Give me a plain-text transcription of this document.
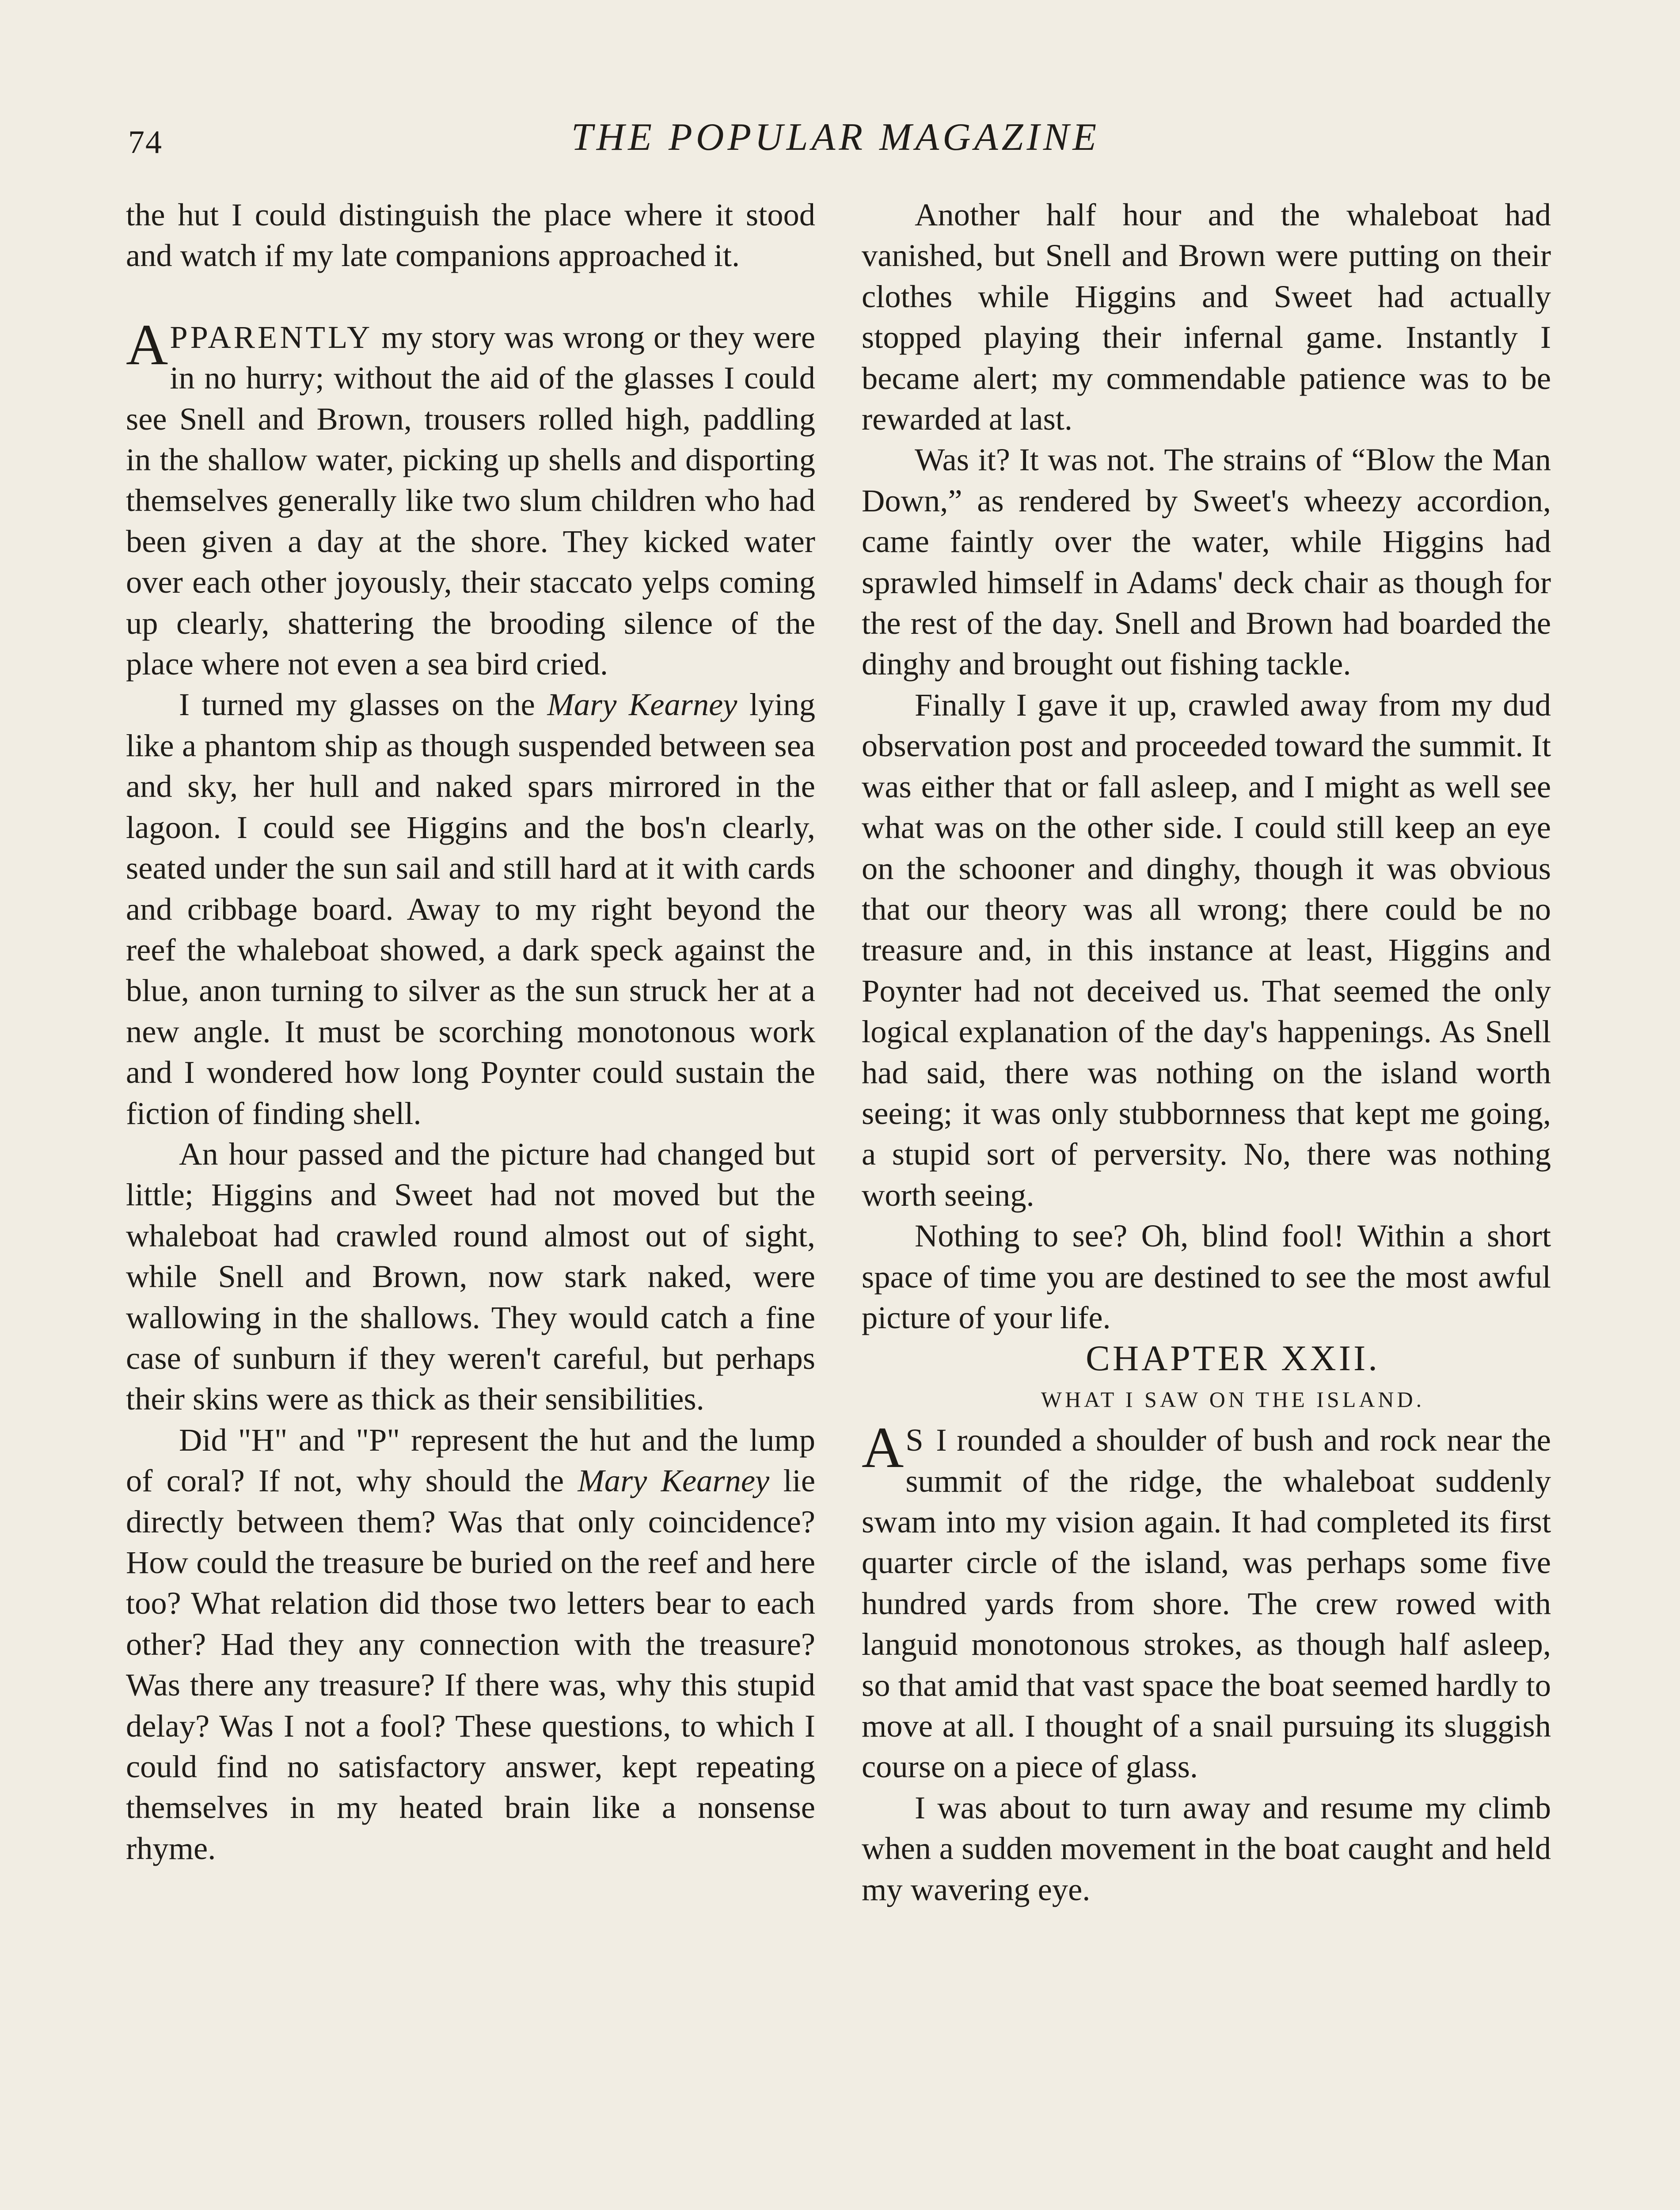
74	THE POPULAR MAGAZINE

the hut I could distinguish the place where it stood and watch if my late companions approached it.

APPARENTLY my story was wrong or they were in no hurry; without the aid of the glasses I could see Snell and Brown, trousers rolled high, paddling in the shallow water, picking up shells and disporting themselves generally like two slum children who had been given a day at the shore. They kicked water over each other joyously, their staccato yelps coming up clearly, shattering the brooding silence of the place where not even a sea bird cried.

I turned my glasses on the Mary Kearney lying like a phantom ship as though suspended between sea and sky, her hull and naked spars mirrored in the lagoon. I could see Higgins and the bos'n clearly, seated under the sun sail and still hard at it with cards and cribbage board. Away to my right beyond the reef the whaleboat showed, a dark speck against the blue, anon turning to silver as the sun struck her at a new angle. It must be scorching monotonous work and I wondered how long Poynter could sustain the fiction of finding shell.

An hour passed and the picture had changed but little; Higgins and Sweet had not moved but the whaleboat had crawled round almost out of sight, while Snell and Brown, now stark naked, were wallowing in the shallows. They would catch a fine case of sunburn if they weren't careful, but perhaps their skins were as thick as their sensibilities.

Did "H" and "P" represent the hut and the lump of coral? If not, why should the Mary Kearney lie directly between them? Was that only coincidence? How could the treasure be buried on the reef and here too? What relation did those two letters bear to each other? Had they any connection with the treasure? Was there any treasure? If there was, why this stupid delay? Was I not a fool? These questions, to which I could find no satisfactory answer, kept repeating themselves in my heated brain like a nonsense rhyme.

Another half hour and the whaleboat had vanished, but Snell and Brown were putting on their clothes while Higgins and Sweet had actually stopped playing their infernal game. Instantly I became alert; my commendable patience was to be rewarded at last.

Was it? It was not. The strains of “Blow the Man Down,” as rendered by Sweet's wheezy accordion, came faintly over the water, while Higgins had sprawled himself in Adams' deck chair as though for the rest of the day. Snell and Brown had boarded the dinghy and brought out fishing tackle.

Finally I gave it up, crawled away from my dud observation post and proceeded toward the summit. It was either that or fall asleep, and I might as well see what was on the other side. I could still keep an eye on the schooner and dinghy, though it was obvious that our theory was all wrong; there could be no treasure and, in this instance at least, Higgins and Poynter had not deceived us. That seemed the only logical explanation of the day's happenings. As Snell had said, there was nothing on the island worth seeing; it was only stubbornness that kept me going, a stupid sort of perversity. No, there was nothing worth seeing.

Nothing to see? Oh, blind fool! Within a short space of time you are destined to see the most awful picture of your life.

CHAPTER XXII.

WHAT I SAW ON THE ISLAND.

A S I rounded a shoulder of bush and rock near the summit of the ridge, the whaleboat suddenly swam into my vision again. It had completed its first quarter circle of the island, was perhaps some five hundred yards from shore. The crew rowed with languid monotonous strokes, as though half asleep, so that amid that vast space the boat seemed hardly to move at all. I thought of a snail pursuing its sluggish course on a piece of glass.

I was about to turn away and resume my climb when a sudden movement in the boat caught and held my wavering eye.
